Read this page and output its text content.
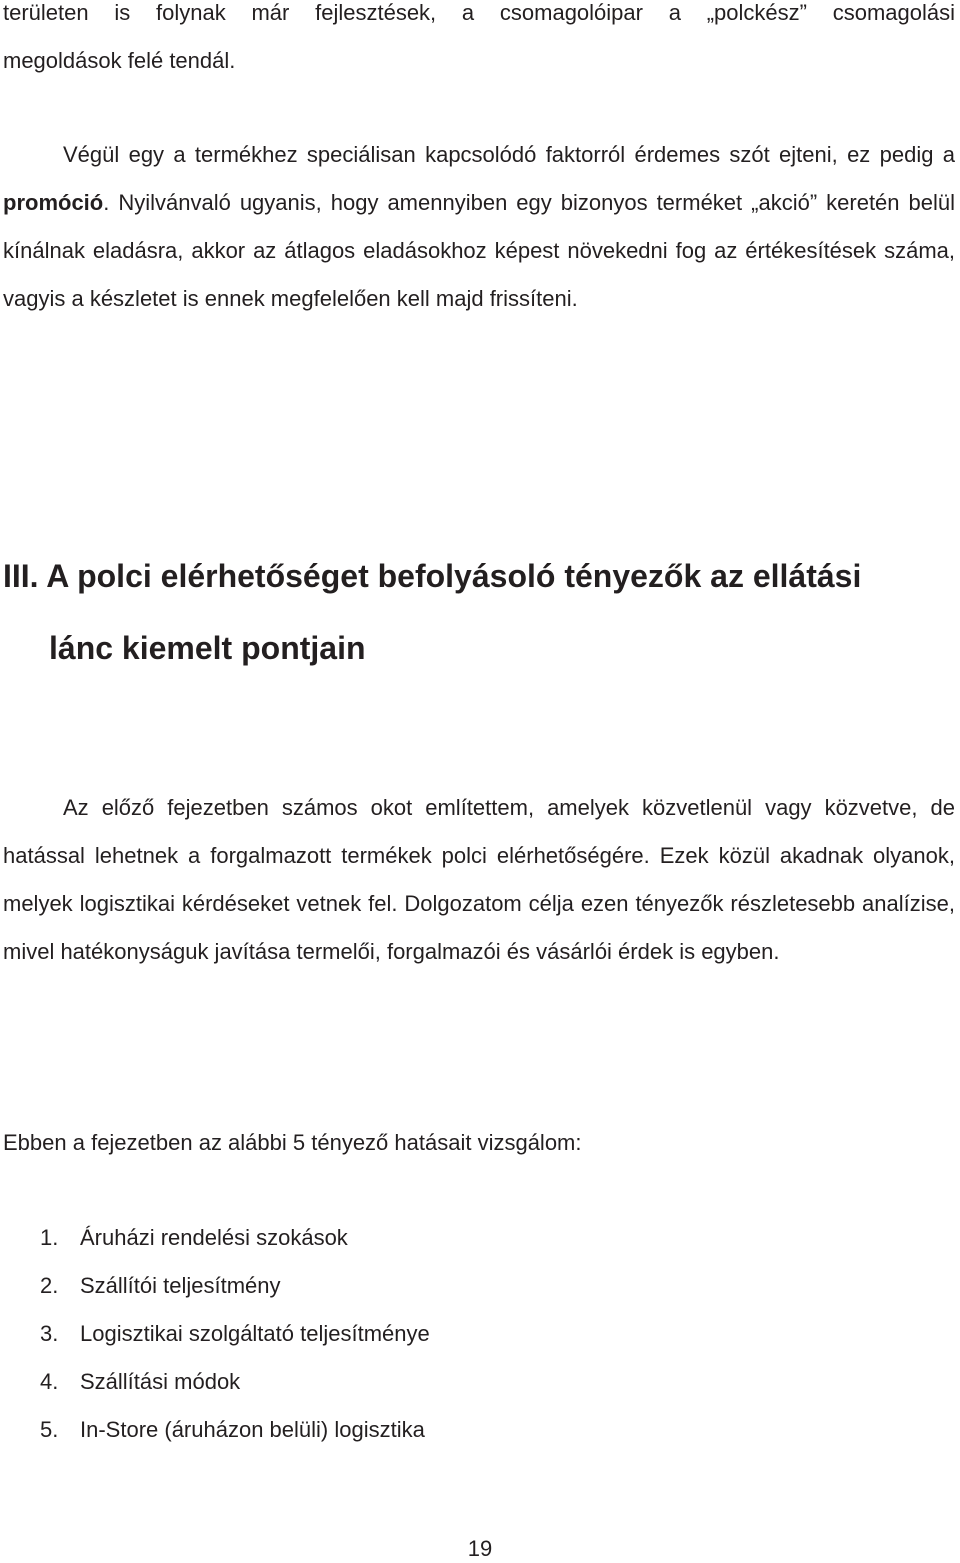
területen is folynak már fejlesztések, a csomagolóipar a „polckész” csomagolási
megoldások felé tendál.

Végül egy a termékhez speciálisan kapcsolódó faktorról érdemes szót ejteni, ez pedig a promóció. Nyilvánvaló ugyanis, hogy amennyiben egy bizonyos terméket „akció” keretén belül kínálnak eladásra, akkor az átlagos eladásokhoz képest növekedni fog az értékesítések száma, vagyis a készletet is ennek megfelelően kell majd frissíteni.

III. A polci elérhetőséget befolyásoló tényezők az ellátási
lánc kiemelt pontjain

Az előző fejezetben számos okot említettem, amelyek közvetlenül vagy közvetve, de hatással lehetnek a forgalmazott termékek polci elérhetőségére. Ezek közül akadnak olyanok, melyek logisztikai kérdéseket vetnek fel. Dolgozatom célja ezen tényezők részletesebb analízise, mivel hatékonyságuk javítása termelői, forgalmazói és vásárlói érdek is egyben.

Ebben a fejezetben az alábbi 5 tényező hatásait vizsgálom:

1. Áruházi rendelési szokások
2. Szállítói teljesítmény
3. Logisztikai szolgáltató teljesítménye
4. Szállítási módok
5. In-Store (áruházon belüli) logisztika
19
